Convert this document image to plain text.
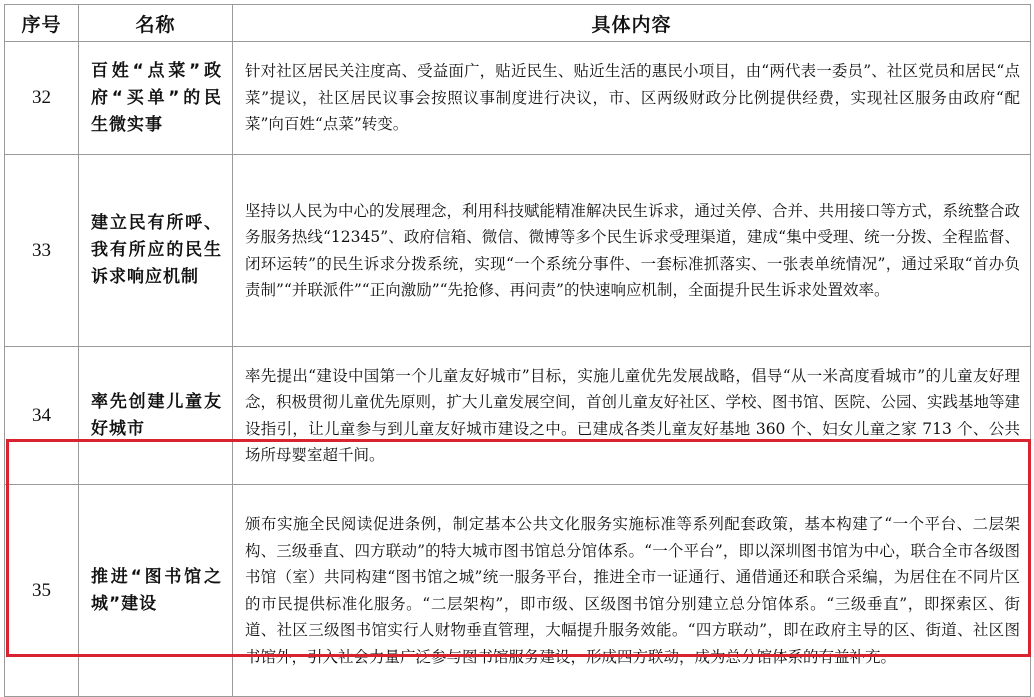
序号	名称	具体内容
32	百姓“点菜”政府“买单”的民生微实事	针对社区居民关注度高、受益面广，贴近民生、贴近生活的惠民小项目，由“两代表一委员”、社区党员和居民“点菜”提议，社区居民议事会按照议事制度进行决议，市、区两级财政分比例提供经费，实现社区服务由政府“配菜”向百姓“点菜”转变。
33	建立民有所呼、我有所应的民生诉求响应机制	坚持以人民为中心的发展理念，利用科技赋能精准解决民生诉求，通过关停、合并、共用接口等方式，系统整合政务服务热线“12345”、政府信箱、微信、微博等多个民生诉求受理渠道，建成“集中受理、统一分拨、全程监督、闭环运转”的民生诉求分拨系统，实现“一个系统分事件、一套标准抓落实、一张表单统情况”，通过采取“首办负责制”“并联派件”“正向激励”“先抢修、再问责”的快速响应机制，全面提升民生诉求处置效率。
34	率先创建儿童友好城市	率先提出“建设中国第一个儿童友好城市”目标，实施儿童优先发展战略，倡导“从一米高度看城市”的儿童友好理念，积极贯彻儿童优先原则，扩大儿童发展空间，首创儿童友好社区、学校、图书馆、医院、公园、实践基地等建设指引，让儿童参与到儿童友好城市建设之中。已建成各类儿童友好基地 360 个、妇女儿童之家 713 个、公共场所母婴室超千间。
35	推进“图书馆之城”建设	颁布实施全民阅读促进条例，制定基本公共文化服务实施标准等系列配套政策，基本构建了“一个平台、二层架构、三级垂直、四方联动”的特大城市图书馆总分馆体系。“一个平台”，即以深圳图书馆为中心，联合全市各级图书馆（室）共同构建“图书馆之城”统一服务平台，推进全市一证通行、通借通还和联合采编，为居住在不同片区的市民提供标准化服务。“二层架构”，即市级、区级图书馆分别建立总分馆体系。“三级垂直”，即探索区、街道、社区三级图书馆实行人财物垂直管理，大幅提升服务效能。“四方联动”，即在政府主导的区、街道、社区图书馆外，引入社会力量广泛参与图书馆服务建设，形成四方联动，成为总分馆体系的有益补充。
